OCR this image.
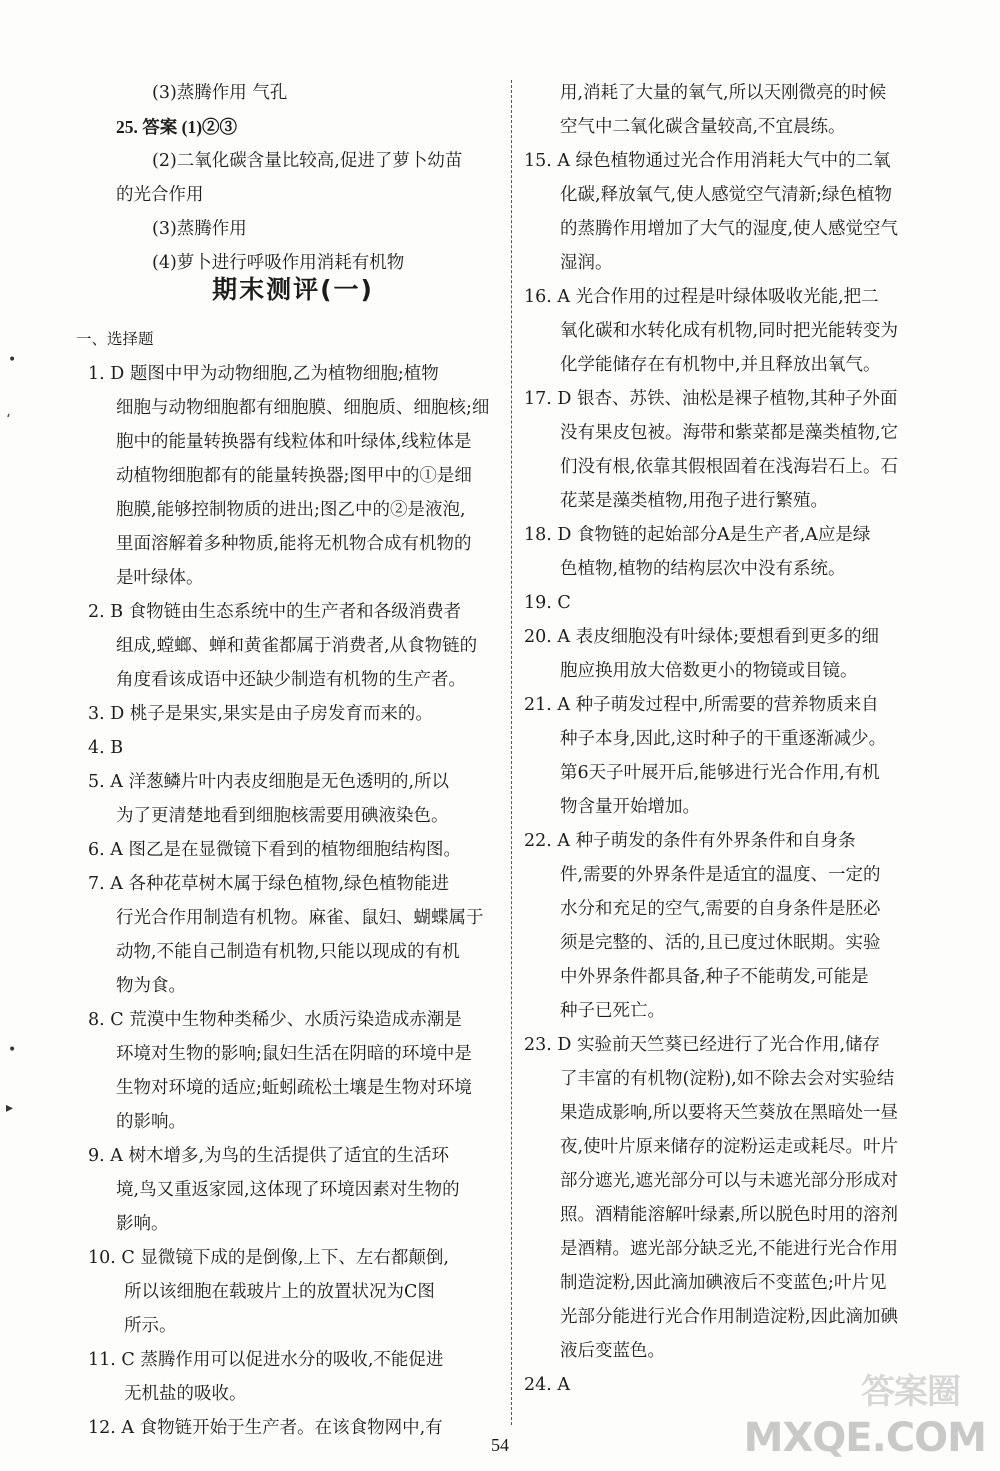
(3)蒸腾作用 气孔
25. 答案 (1)②③
(2)二氧化碳含量比较高,促进了萝卜幼苗
的光合作用
(3)蒸腾作用
(4)萝卜进行呼吸作用消耗有机物
期末测评(一)
一、选择题
1. D 题图中甲为动物细胞,乙为植物细胞;植物
细胞与动物细胞都有细胞膜、细胞质、细胞核;细
胞中的能量转换器有线粒体和叶绿体,线粒体是
动植物细胞都有的能量转换器;图甲中的①是细
胞膜,能够控制物质的进出;图乙中的②是液泡,
里面溶解着多种物质,能将无机物合成有机物的
是叶绿体。
2. B 食物链由生态系统中的生产者和各级消费者
组成,螳螂、蝉和黄雀都属于消费者,从食物链的
角度看该成语中还缺少制造有机物的生产者。
3. D 桃子是果实,果实是由子房发育而来的。
4. B
5. A 洋葱鳞片叶内表皮细胞是无色透明的,所以
为了更清楚地看到细胞核需要用碘液染色。
6. A 图乙是在显微镜下看到的植物细胞结构图。
7. A 各种花草树木属于绿色植物,绿色植物能进
行光合作用制造有机物。麻雀、鼠妇、蝴蝶属于
动物,不能自己制造有机物,只能以现成的有机
物为食。
8. C 荒漠中生物种类稀少、水质污染造成赤潮是
环境对生物的影响;鼠妇生活在阴暗的环境中是
生物对环境的适应;蚯蚓疏松土壤是生物对环境
的影响。
9. A 树木增多,为鸟的生活提供了适宜的生活环
境,鸟又重返家园,这体现了环境因素对生物的
影响。
10. C 显微镜下成的是倒像,上下、左右都颠倒,
所以该细胞在载玻片上的放置状况为C图
所示。
11. C 蒸腾作用可以促进水分的吸收,不能促进
无机盐的吸收。
12. A 食物链开始于生产者。在该食物网中,有
用,消耗了大量的氧气,所以天刚微亮的时候
空气中二氧化碳含量较高,不宜晨练。
15. A 绿色植物通过光合作用消耗大气中的二氧
化碳,释放氧气,使人感觉空气清新;绿色植物
的蒸腾作用增加了大气的湿度,使人感觉空气
湿润。
16. A 光合作用的过程是叶绿体吸收光能,把二
氧化碳和水转化成有机物,同时把光能转变为
化学能储存在有机物中,并且释放出氧气。
17. D 银杏、苏铁、油松是裸子植物,其种子外面
没有果皮包被。海带和紫菜都是藻类植物,它
们没有根,依靠其假根固着在浅海岩石上。石
花菜是藻类植物,用孢子进行繁殖。
18. D 食物链的起始部分A是生产者,A应是绿
色植物,植物的结构层次中没有系统。
19. C
20. A 表皮细胞没有叶绿体;要想看到更多的细
胞应换用放大倍数更小的物镜或目镜。
21. A 种子萌发过程中,所需要的营养物质来自
种子本身,因此,这时种子的干重逐渐减少。
第6天子叶展开后,能够进行光合作用,有机
物含量开始增加。
22. A 种子萌发的条件有外界条件和自身条
件,需要的外界条件是适宜的温度、一定的
水分和充足的空气,需要的自身条件是胚必
须是完整的、活的,且已度过休眠期。实验
中外界条件都具备,种子不能萌发,可能是
种子已死亡。
23. D 实验前天竺葵已经进行了光合作用,储存
了丰富的有机物(淀粉),如不除去会对实验结
果造成影响,所以要将天竺葵放在黑暗处一昼
夜,使叶片原来储存的淀粉运走或耗尽。叶片
部分遮光,遮光部分可以与未遮光部分形成对
照。酒精能溶解叶绿素,所以脱色时用的溶剂
是酒精。遮光部分缺乏光,不能进行光合作用
制造淀粉,因此滴加碘液后不变蓝色;叶片见
光部分能进行光合作用制造淀粉,因此滴加碘
液后变蓝色。
24. A
54
•
‘
•
▸
答案圈
MXQE.COM
